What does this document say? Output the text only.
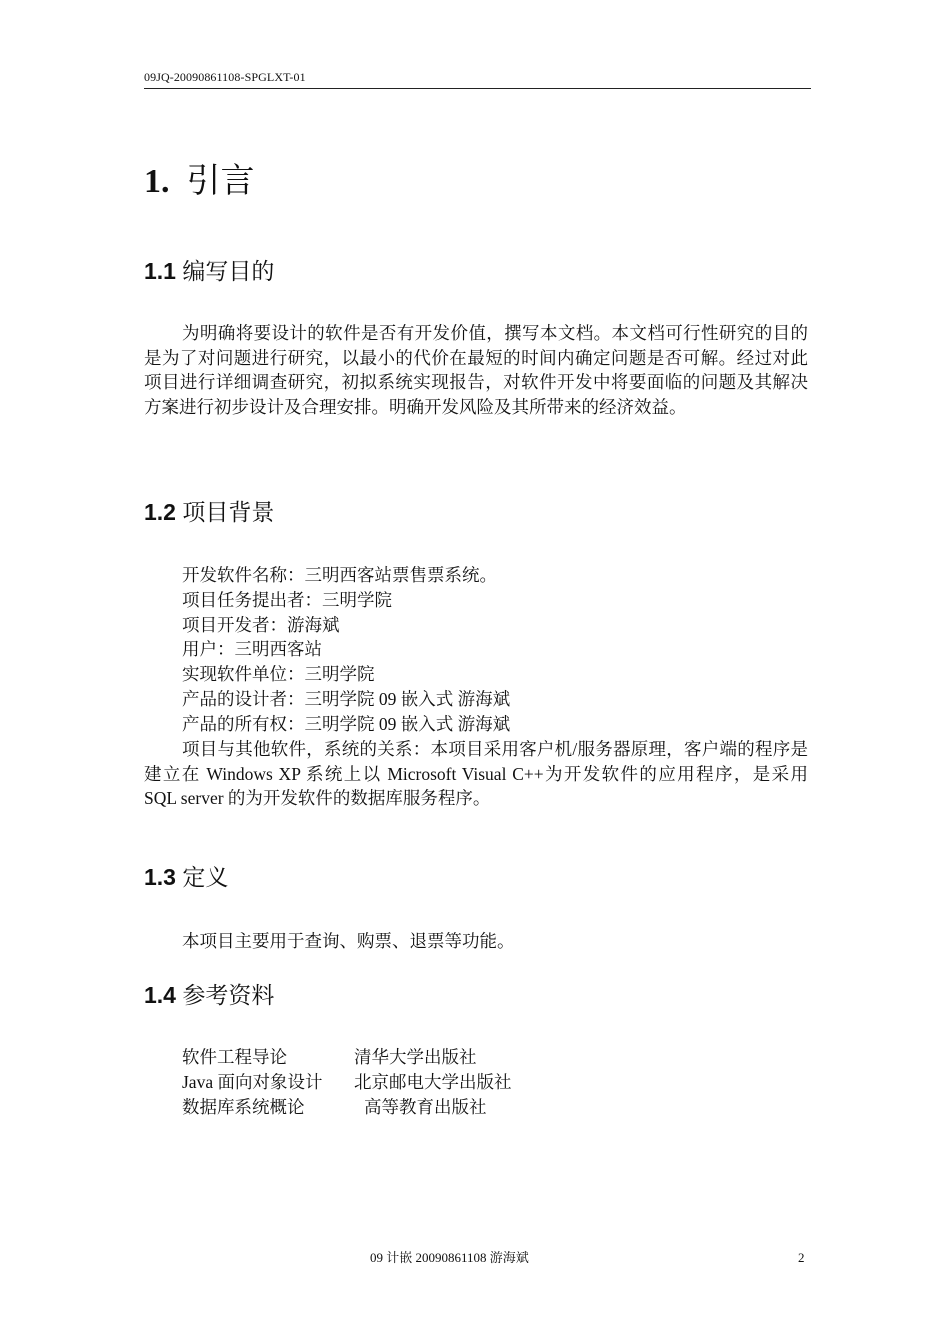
09JQ-20090861108-SPGLXT-01
1. 引言
1.1 编写目的

为明确将要设计的软件是否有开发价值，撰写本文档。本文档可行性研究的目的是为了对问题进行研究，以最小的代价在最短的时间内确定问题是否可解。经过对此项目进行详细调查研究，初拟系统实现报告，对软件开发中将要面临的问题及其解决方案进行初步设计及合理安排。明确开发风险及其所带来的经济效益。

1.2 项目背景

开发软件名称：三明西客站票售票系统。

项目任务提出者：三明学院

项目开发者：游海斌

用户：三明西客站

实现软件单位：三明学院

产品的设计者：三明学院 09 嵌入式 游海斌

产品的所有权：三明学院 09 嵌入式 游海斌

项目与其他软件，系统的关系：本项目采用客户机/服务器原理，客户端的程序是建立在 Windows XP 系统上以 Microsoft Visual C++为开发软件的应用程序，是采用 SQL server 的为开发软件的数据库服务程序。

1.3 定义

本项目主要用于查询、购票、退票等功能。

1.4 参考资料
软件工程导论	清华大学出版社
Java 面向对象设计 北京邮电大学出版社
数据库系统概论	高等教育出版社
09 计嵌 20090861108 游海斌	2
